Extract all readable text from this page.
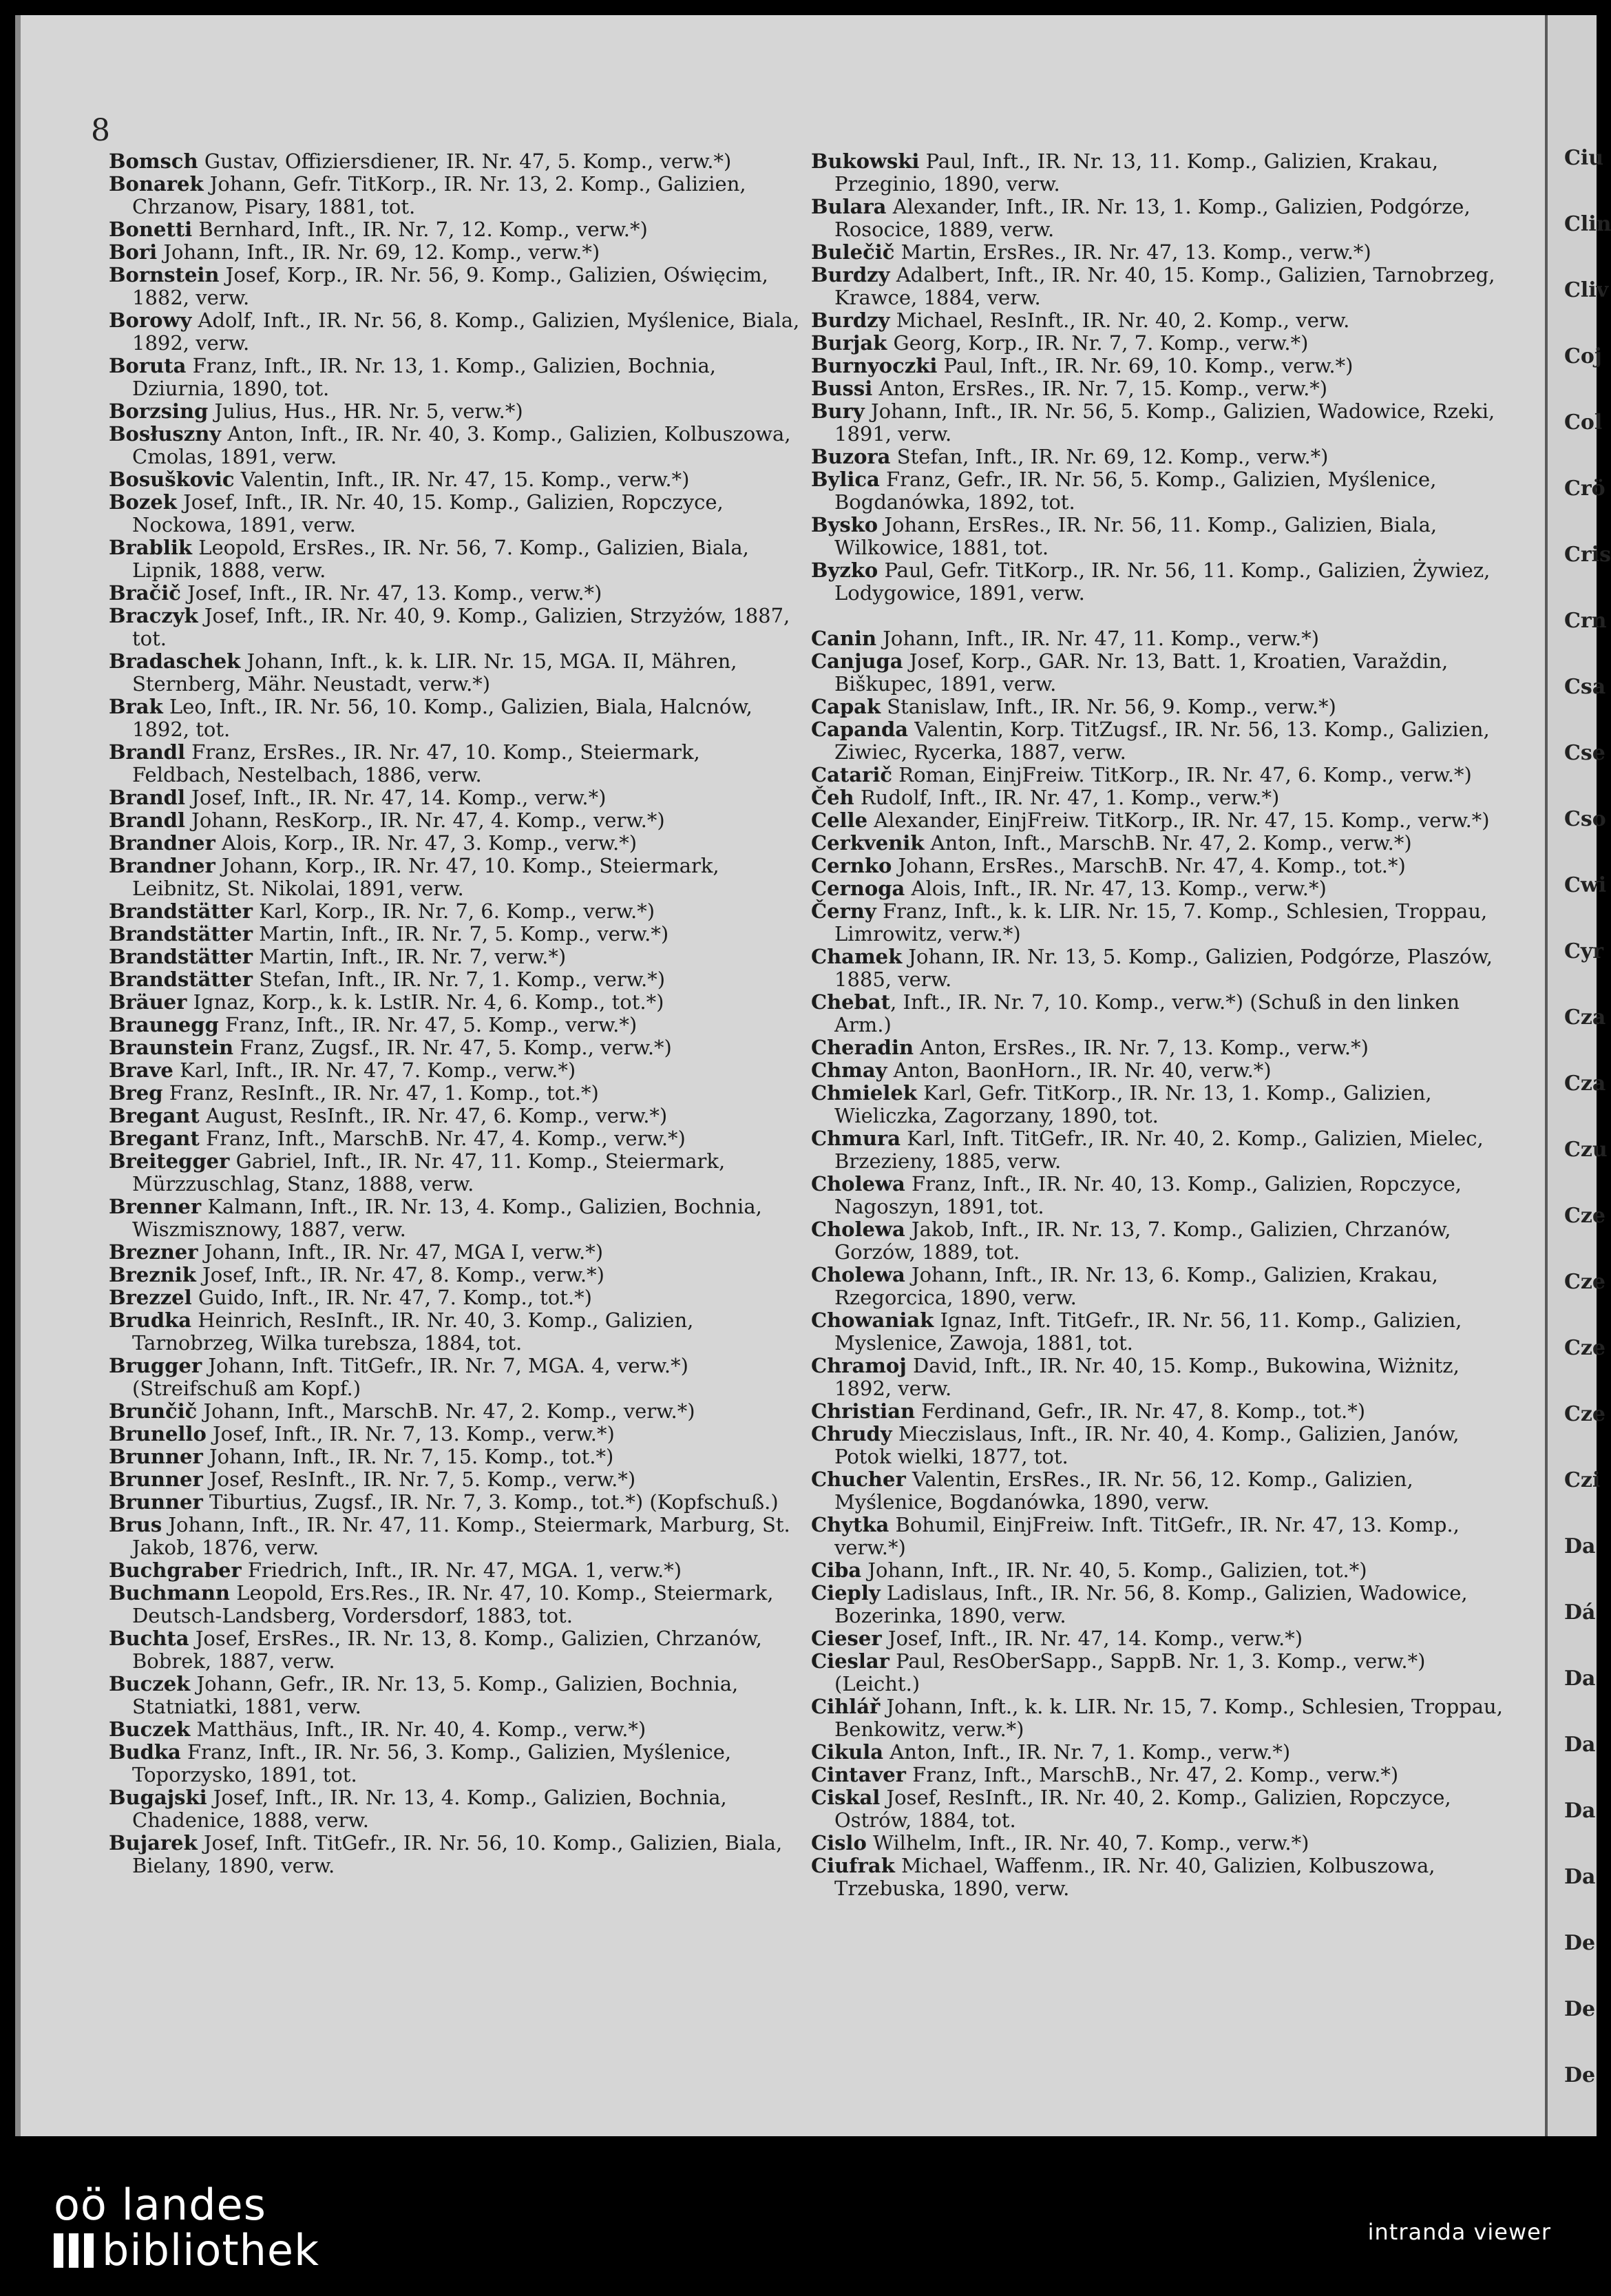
8

Bomsch Gustav, Offiziersdiener, IR. Nr. 47, 5. Komp., verw.*)

Bonarek Johann, Gefr. TitKorp., IR. Nr. 13, 2. Komp., Galizien, Chrzanow, Pisary, 1881, tot.

Bonetti Bernhard, Inft., IR. Nr. 7, 12. Komp., verw.*)

Bori Johann, Inft., IR. Nr. 69, 12. Komp., verw.*)

Bornstein Josef, Korp., IR. Nr. 56, 9. Komp., Galizien, Oświęcim, 1882, verw.

Borowy Adolf, Inft., IR. Nr. 56, 8. Komp., Galizien, Myślenice, Biala, 1892, verw.

Boruta Franz, Inft., IR. Nr. 13, 1. Komp., Galizien, Bochnia, Dziurnia, 1890, tot.

Borzsing Julius, Hus., HR. Nr. 5, verw.*)

Bosłuszny Anton, Inft., IR. Nr. 40, 3. Komp., Galizien, Kolbuszowa, Cmolas, 1891, verw.

Bosuškovic Valentin, Inft., IR. Nr. 47, 15. Komp., verw.*)

Bozek Josef, Inft., IR. Nr. 40, 15. Komp., Galizien, Ropczyce, Nockowa, 1891, verw.

Brablik Leopold, ErsRes., IR. Nr. 56, 7. Komp., Galizien, Biala, Lipnik, 1888, verw.

Bračič Josef, Inft., IR. Nr. 47, 13. Komp., verw.*)

Braczyk Josef, Inft., IR. Nr. 40, 9. Komp., Galizien, Strzyżów, 1887, tot.

Bradaschek Johann, Inft., k. k. LIR. Nr. 15, MGA. II, Mähren, Sternberg, Mähr. Neustadt, verw.*)

Brak Leo, Inft., IR. Nr. 56, 10. Komp., Galizien, Biala, Halcnów, 1892, tot.

Brandl Franz, ErsRes., IR. Nr. 47, 10. Komp., Steiermark, Feldbach, Nestelbach, 1886, verw.

Brandl Josef, Inft., IR. Nr. 47, 14. Komp., verw.*)

Brandl Johann, ResKorp., IR. Nr. 47, 4. Komp., verw.*)

Brandner Alois, Korp., IR. Nr. 47, 3. Komp., verw.*)

Brandner Johann, Korp., IR. Nr. 47, 10. Komp., Steiermark, Leibnitz, St. Nikolai, 1891, verw.

Brandstätter Karl, Korp., IR. Nr. 7, 6. Komp., verw.*)

Brandstätter Martin, Inft., IR. Nr. 7, 5. Komp., verw.*)

Brandstätter Martin, Inft., IR. Nr. 7, verw.*)

Brandstätter Stefan, Inft., IR. Nr. 7, 1. Komp., verw.*)

Bräuer Ignaz, Korp., k. k. LstIR. Nr. 4, 6. Komp., tot.*)

Braunegg Franz, Inft., IR. Nr. 47, 5. Komp., verw.*)

Braunstein Franz, Zugsf., IR. Nr. 47, 5. Komp., verw.*)

Brave Karl, Inft., IR. Nr. 47, 7. Komp., verw.*)

Breg Franz, ResInft., IR. Nr. 47, 1. Komp., tot.*)

Bregant August, ResInft., IR. Nr. 47, 6. Komp., verw.*)

Bregant Franz, Inft., MarschB. Nr. 47, 4. Komp., verw.*)

Breitegger Gabriel, Inft., IR. Nr. 47, 11. Komp., Steiermark, Mürzzuschlag, Stanz, 1888, verw.

Brenner Kalmann, Inft., IR. Nr. 13, 4. Komp., Galizien, Bochnia, Wiszmisznowy, 1887, verw.

Brezner Johann, Inft., IR. Nr. 47, MGA I, verw.*)

Breznik Josef, Inft., IR. Nr. 47, 8. Komp., verw.*)

Brezzel Guido, Inft., IR. Nr. 47, 7. Komp., tot.*)

Brudka Heinrich, ResInft., IR. Nr. 40, 3. Komp., Galizien, Tarnobrzeg, Wilka turebsza, 1884, tot.

Brugger Johann, Inft. TitGefr., IR. Nr. 7, MGA. 4, verw.*) (Streifschuß am Kopf.)

Brunčič Johann, Inft., MarschB. Nr. 47, 2. Komp., verw.*)

Brunello Josef, Inft., IR. Nr. 7, 13. Komp., verw.*)

Brunner Johann, Inft., IR. Nr. 7, 15. Komp., tot.*)

Brunner Josef, ResInft., IR. Nr. 7, 5. Komp., verw.*)

Brunner Tiburtius, Zugsf., IR. Nr. 7, 3. Komp., tot.*) (Kopfschuß.)

Brus Johann, Inft., IR. Nr. 47, 11. Komp., Steiermark, Marburg, St. Jakob, 1876, verw.

Buchgraber Friedrich, Inft., IR. Nr. 47, MGA. 1, verw.*)

Buchmann Leopold, Ers.Res., IR. Nr. 47, 10. Komp., Steiermark, Deutsch-Landsberg, Vordersdorf, 1883, tot.

Buchta Josef, ErsRes., IR. Nr. 13, 8. Komp., Galizien, Chrzanów, Bobrek, 1887, verw.

Buczek Johann, Gefr., IR. Nr. 13, 5. Komp., Galizien, Bochnia, Statniatki, 1881, verw.

Buczek Matthäus, Inft., IR. Nr. 40, 4. Komp., verw.*)

Budka Franz, Inft., IR. Nr. 56, 3. Komp., Galizien, Myślenice, Toporzysko, 1891, tot.

Bugajski Josef, Inft., IR. Nr. 13, 4. Komp., Galizien, Bochnia, Chadenice, 1888, verw.

Bujarek Josef, Inft. TitGefr., IR. Nr. 56, 10. Komp., Galizien, Biala, Bielany, 1890, verw.

Bukowski Paul, Inft., IR. Nr. 13, 11. Komp., Galizien, Krakau, Przeginio, 1890, verw.

Bulara Alexander, Inft., IR. Nr. 13, 1. Komp., Galizien, Podgórze, Rosocice, 1889, verw.

Bulečič Martin, ErsRes., IR. Nr. 47, 13. Komp., verw.*)

Burdzy Adalbert, Inft., IR. Nr. 40, 15. Komp., Galizien, Tarnobrzeg, Krawce, 1884, verw.

Burdzy Michael, ResInft., IR. Nr. 40, 2. Komp., verw.

Burjak Georg, Korp., IR. Nr. 7, 7. Komp., verw.*)

Burnyoczki Paul, Inft., IR. Nr. 69, 10. Komp., verw.*)

Bussi Anton, ErsRes., IR. Nr. 7, 15. Komp., verw.*)

Bury Johann, Inft., IR. Nr. 56, 5. Komp., Galizien, Wadowice, Rzeki, 1891, verw.

Buzora Stefan, Inft., IR. Nr. 69, 12. Komp., verw.*)

Bylica Franz, Gefr., IR. Nr. 56, 5. Komp., Galizien, Myślenice, Bogdanówka, 1892, tot.

Bysko Johann, ErsRes., IR. Nr. 56, 11. Komp., Galizien, Biala, Wilkowice, 1881, tot.

Byzko Paul, Gefr. TitKorp., IR. Nr. 56, 11. Komp., Galizien, Żywiez, Lodygowice, 1891, verw.

Canin Johann, Inft., IR. Nr. 47, 11. Komp., verw.*)

Canjuga Josef, Korp., GAR. Nr. 13, Batt. 1, Kroatien, Varaždin, Biškupec, 1891, verw.

Capak Stanislaw, Inft., IR. Nr. 56, 9. Komp., verw.*)

Capanda Valentin, Korp. TitZugsf., IR. Nr. 56, 13. Komp., Galizien, Ziwiec, Rycerka, 1887, verw.

Catarič Roman, EinjFreiw. TitKorp., IR. Nr. 47, 6. Komp., verw.*)

Čeh Rudolf, Inft., IR. Nr. 47, 1. Komp., verw.*)

Celle Alexander, EinjFreiw. TitKorp., IR. Nr. 47, 15. Komp., verw.*)

Cerkvenik Anton, Inft., MarschB. Nr. 47, 2. Komp., verw.*)

Cernko Johann, ErsRes., MarschB. Nr. 47, 4. Komp., tot.*)

Cernoga Alois, Inft., IR. Nr. 47, 13. Komp., verw.*)

Černy Franz, Inft., k. k. LIR. Nr. 15, 7. Komp., Schlesien, Troppau, Limrowitz, verw.*)

Chamek Johann, IR. Nr. 13, 5. Komp., Galizien, Podgórze, Plaszów, 1885, verw.

Chebat, Inft., IR. Nr. 7, 10. Komp., verw.*) (Schuß in den linken Arm.)

Cheradin Anton, ErsRes., IR. Nr. 7, 13. Komp., verw.*)

Chmay Anton, BaonHorn., IR. Nr. 40, verw.*)

Chmielek Karl, Gefr. TitKorp., IR. Nr. 13, 1. Komp., Galizien, Wieliczka, Zagorzany, 1890, tot.

Chmura Karl, Inft. TitGefr., IR. Nr. 40, 2. Komp., Galizien, Mielec, Brzezieny, 1885, verw.

Cholewa Franz, Inft., IR. Nr. 40, 13. Komp., Galizien, Ropczyce, Nagoszyn, 1891, tot.

Cholewa Jakob, Inft., IR. Nr. 13, 7. Komp., Galizien, Chrzanów, Gorzów, 1889, tot.

Cholewa Johann, Inft., IR. Nr. 13, 6. Komp., Galizien, Krakau, Rzegorcica, 1890, verw.

Chowaniak Ignaz, Inft. TitGefr., IR. Nr. 56, 11. Komp., Galizien, Myslenice, Zawoja, 1881, tot.

Chramoj David, Inft., IR. Nr. 40, 15. Komp., Bukowina, Wiżnitz, 1892, verw.

Christian Ferdinand, Gefr., IR. Nr. 47, 8. Komp., tot.*)

Chrudy Mieczislaus, Inft., IR. Nr. 40, 4. Komp., Galizien, Janów, Potok wielki, 1877, tot.

Chucher Valentin, ErsRes., IR. Nr. 56, 12. Komp., Galizien, Myślenice, Bogdanówka, 1890, verw.

Chytka Bohumil, EinjFreiw. Inft. TitGefr., IR. Nr. 47, 13. Komp., verw.*)

Ciba Johann, Inft., IR. Nr. 40, 5. Komp., Galizien, tot.*)

Cieply Ladislaus, Inft., IR. Nr. 56, 8. Komp., Galizien, Wadowice, Bozerinka, 1890, verw.

Cieser Josef, Inft., IR. Nr. 47, 14. Komp., verw.*)

Cieslar Paul, ResOberSapp., SappB. Nr. 1, 3. Komp., verw.*) (Leicht.)

Cihlář Johann, Inft., k. k. LIR. Nr. 15, 7. Komp., Schlesien, Troppau, Benkowitz, verw.*)

Cikula Anton, Inft., IR. Nr. 7, 1. Komp., verw.*)

Cintaver Franz, Inft., MarschB., Nr. 47, 2. Komp., verw.*)

Ciskal Josef, ResInft., IR. Nr. 40, 2. Komp., Galizien, Ropczyce, Ostrów, 1884, tot.

Cislo Wilhelm, Inft., IR. Nr. 40, 7. Komp., verw.*)

Ciufrak Michael, Waffenm., IR. Nr. 40, Galizien, Kolbuszowa, Trzebuska, 1890, verw.

Ciu
Clin
Cliv
Coj
Col
Crö
Cris
Crn
Csa
Cse
Cso
Cwi
Cyr
Cza
Cza
Czu
Cze
Cze
Cze
Cze
Czi
Da
Dá
Da
Da
Da
Da
De
De
De
oö landes
bibliothek	intranda viewer
